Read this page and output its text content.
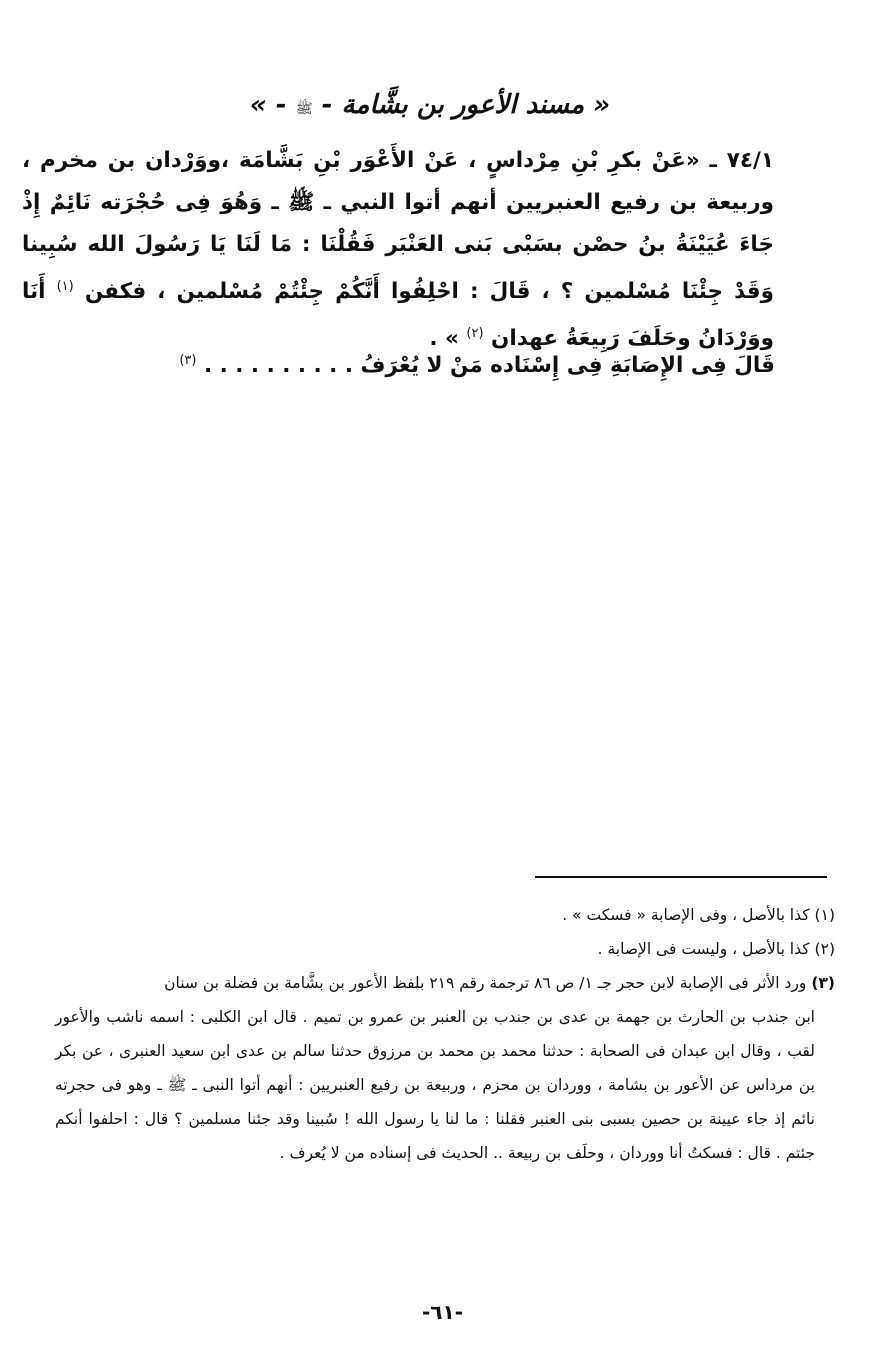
« مسند الأعور بن بشَّامة - ﷺ - »

٧٤/١ ـ «عَنْ بكرِ بْنِ مِرْداسٍ ، عَنْ الأَعْوَر بْنِ بَشَّامَة ،ووَرْدان بن مخرم ، وربيعة بن رفيع العنبريين أنهم أتوا النبي ـ ﷺ ـ وَهُوَ فِى حُجْرَته نَائِمٌ إِذْ جَاءَ عُيَيْنَةُ بنُ حصْن بسَبْى بَنى العَنْبَر فَقُلْنَا : مَا لَنَا يَا رَسُولَ الله سُبِينا وَقَدْ جِئْنَا مُسْلمين ؟ ، قَالَ : احْلِفُوا أَنَّكُمْ جِئْتُمْ مُسْلمين ، فكفن $^{(١)}$ أَنَا ووَرْدَانُ وحَلَفَ رَبِيعَةُ عهدان $^{(٢)}$ » .

قَالَ فِى الإِصَابَةِ فِى إِسْنَاده مَنْ لا يُعْرَفُ . . . . . . . . . . $^{(٣)}$

(١) كذا بالأصل ، وفى الإصابة « فسكت » .

(٢) كذا بالأصل ، وليست فى الإصابة .

(٣) ورد الأثر فى الإصابة لابن حجر جـ ١/ ص ٨٦ ترجمة رقم ٢١٩ بلفظ الأعور بن بشَّامة بن فضلة بن سنان
ابن جندب بن الحارث بن جهمة بن عدى بن جندب بن العنبر بن عمرو بن تميم . قال ابن الكلبى : اسمه ناشب والأعور لقب ، وقال ابن عبدان فى الصحابة : حدثنا محمد بن محمد بن مرزوق حدثنا سالم بن عدى ابن سعيد العنبرى ، عن بكر بن مرداس عن الأعور بن بشامة ، ووردان بن محزم ، وربيعة بن رفيع العنبريين : أنهم أتوا النبى ـ ﷺ ـ وهو فى حجرته نائم إذ جاء عيينة بن حصين بسبى بنى العنبر فقلنا : ما لنا يا رسول الله ! سُبينا وقد جئنا مسلمين ؟ قال : احلفوا أنكم جئتم . قال : فسكتُ أنا ووردان ، وحلَف بن ربيعة .. الحديث فى إسناده من لا يُعرف .

-٦١-
